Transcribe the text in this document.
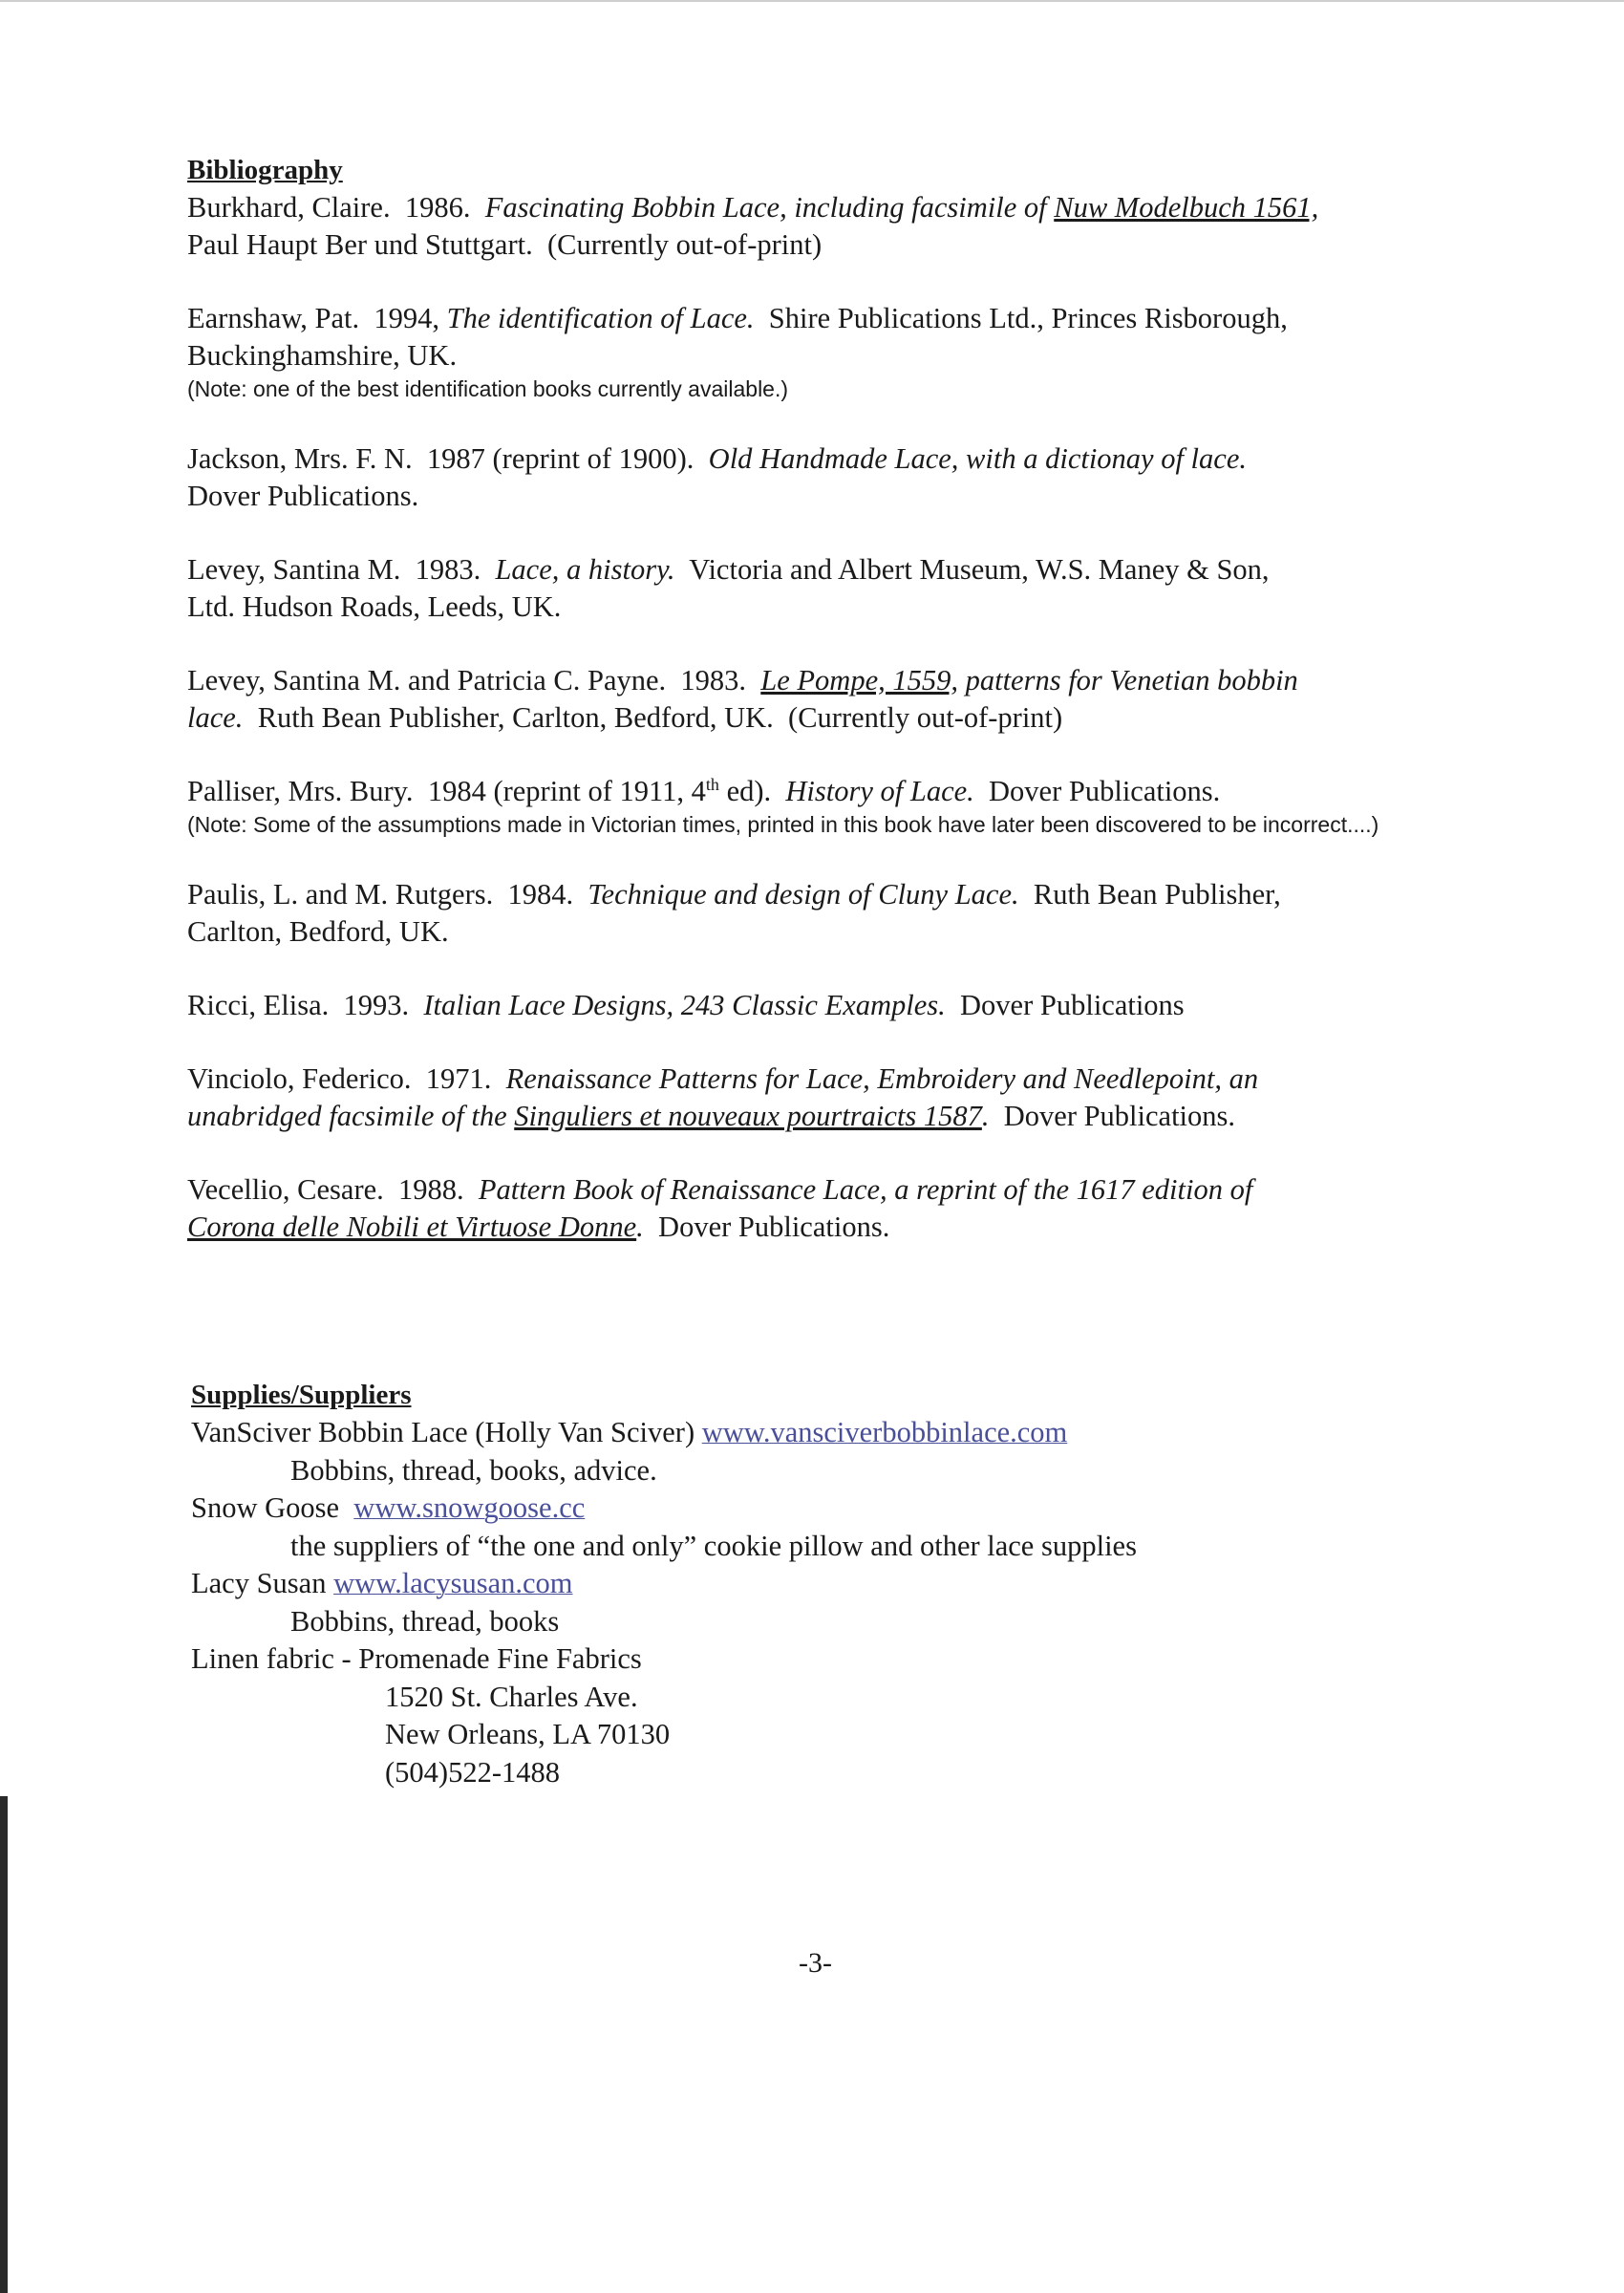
Bibliography
Burkhard, Claire. 1986. Fascinating Bobbin Lace, including facsimile of Nuw Modelbuch 1561,
Paul Haupt Ber und Stuttgart. (Currently out-of-print)
Earnshaw, Pat. 1994, The identification of Lace. Shire Publications Ltd., Princes Risborough,
Buckinghamshire, UK.

(Note: one of the best identification books currently available.)
Jackson, Mrs. F. N. 1987 (reprint of 1900). Old Handmade Lace, with a dictionay of lace.
Dover Publications.
Levey, Santina M. 1983. Lace, a history. Victoria and Albert Museum, W.S. Maney & Son,
Ltd. Hudson Roads, Leeds, UK.
Levey, Santina M. and Patricia C. Payne. 1983. Le Pompe, 1559, patterns for Venetian bobbin
lace. Ruth Bean Publisher, Carlton, Bedford, UK. (Currently out-of-print)
Palliser, Mrs. Bury. 1984 (reprint of 1911, 4th ed). History of Lace. Dover Publications.
(Note: Some of the assumptions made in Victorian times, printed in this book have later been discovered to be incorrect....)
Paulis, L. and M. Rutgers. 1984. Technique and design of Cluny Lace. Ruth Bean Publisher,
Carlton, Bedford, UK.
Ricci, Elisa. 1993. Italian Lace Designs, 243 Classic Examples. Dover Publications
Vinciolo, Federico. 1971. Renaissance Patterns for Lace, Embroidery and Needlepoint, an
unabridged facsimile of the Singuliers et nouveaux pourtraicts 1587. Dover Publications.
Vecellio, Cesare. 1988. Pattern Book of Renaissance Lace, a reprint of the 1617 edition of
Corona delle Nobili et Virtuose Donne. Dover Publications.
Supplies/Suppliers
VanSciver Bobbin Lace (Holly Van Sciver) www.vansciverbobbinlace.com
Bobbins, thread, books, advice.
Snow Goose www.snowgoose.cc
the suppliers of “the one and only” cookie pillow and other lace supplies
Lacy Susan www.lacysusan.com
Bobbins, thread, books
Linen fabric - Promenade Fine Fabrics
1520 St. Charles Ave.
New Orleans, LA 70130
(504)522-1488
-3-
